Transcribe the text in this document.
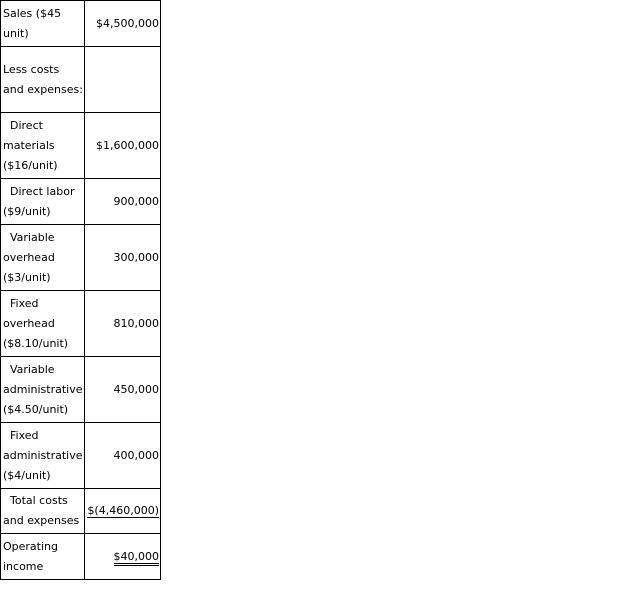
Sales ($45 unit)	$4,500,000
Less costs and expenses:	
Direct materials ($16/unit)	$1,600,000
Direct labor ($9/unit)	900,000
Variable overhead ($3/unit)	300,000
Fixed overhead ($8.10/unit)	810,000
Variable administrative ($4.50/unit)	450,000
Fixed administrative ($4/unit)	400,000
Total costs and expenses	$(4,460,000)
Operating income	$40,000
